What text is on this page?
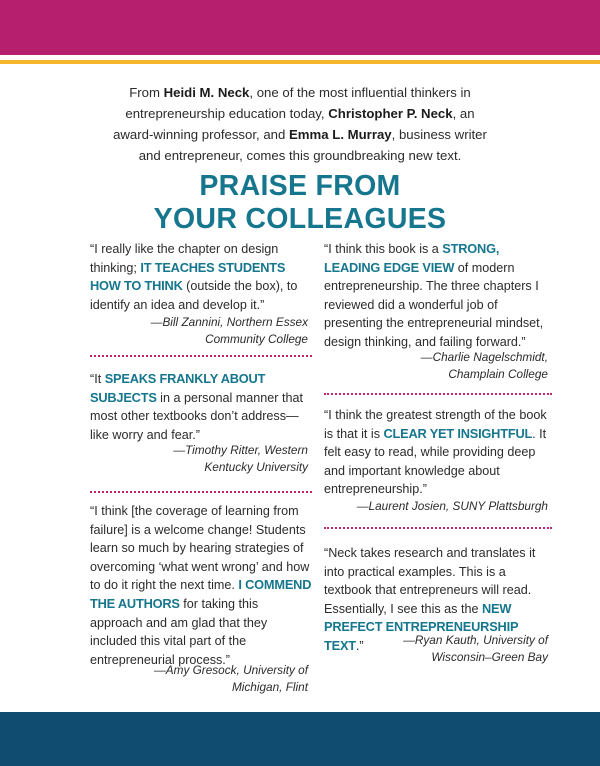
From Heidi M. Neck, one of the most influential thinkers in entrepreneurship education today, Christopher P. Neck, an award-winning professor, and Emma L. Murray, business writer and entrepreneur, comes this groundbreaking new text.
PRAISE FROM
YOUR COLLEAGUES
“I really like the chapter on design thinking; IT TEACHES STUDENTS HOW TO THINK (outside the box), to identify an idea and develop it.”
—Bill Zannini, Northern Essex
Community College
“It SPEAKS FRANKLY ABOUT SUBJECTS in a personal manner that most other textbooks don’t address—like worry and fear.”
—Timothy Ritter, Western
Kentucky University
“I think [the coverage of learning from failure] is a welcome change! Students learn so much by hearing strategies of overcoming ‘what went wrong’ and how to do it right the next time. I COMMEND THE AUTHORS for taking this approach and am glad that they included this vital part of the entrepreneurial process.”
—Amy Gresock, University of
Michigan, Flint
“I think this book is a STRONG, LEADING EDGE VIEW of modern entrepreneurship. The three chapters I reviewed did a wonderful job of presenting the entrepreneurial mindset, design thinking, and failing forward.”
—Charlie Nagelschmidt,
Champlain College
“I think the greatest strength of the book is that it is CLEAR YET INSIGHTFUL. It felt easy to read, while providing deep and important knowledge about entrepreneurship.”
—Laurent Josien, SUNY Plattsburgh
“Neck takes research and translates it into practical examples. This is a textbook that entrepreneurs will read. Essentially, I see this as the NEW PREFECT ENTREPRENEURSHIP TEXT.”	—Ryan Kauth, University of
Wisconsin–Green Bay
